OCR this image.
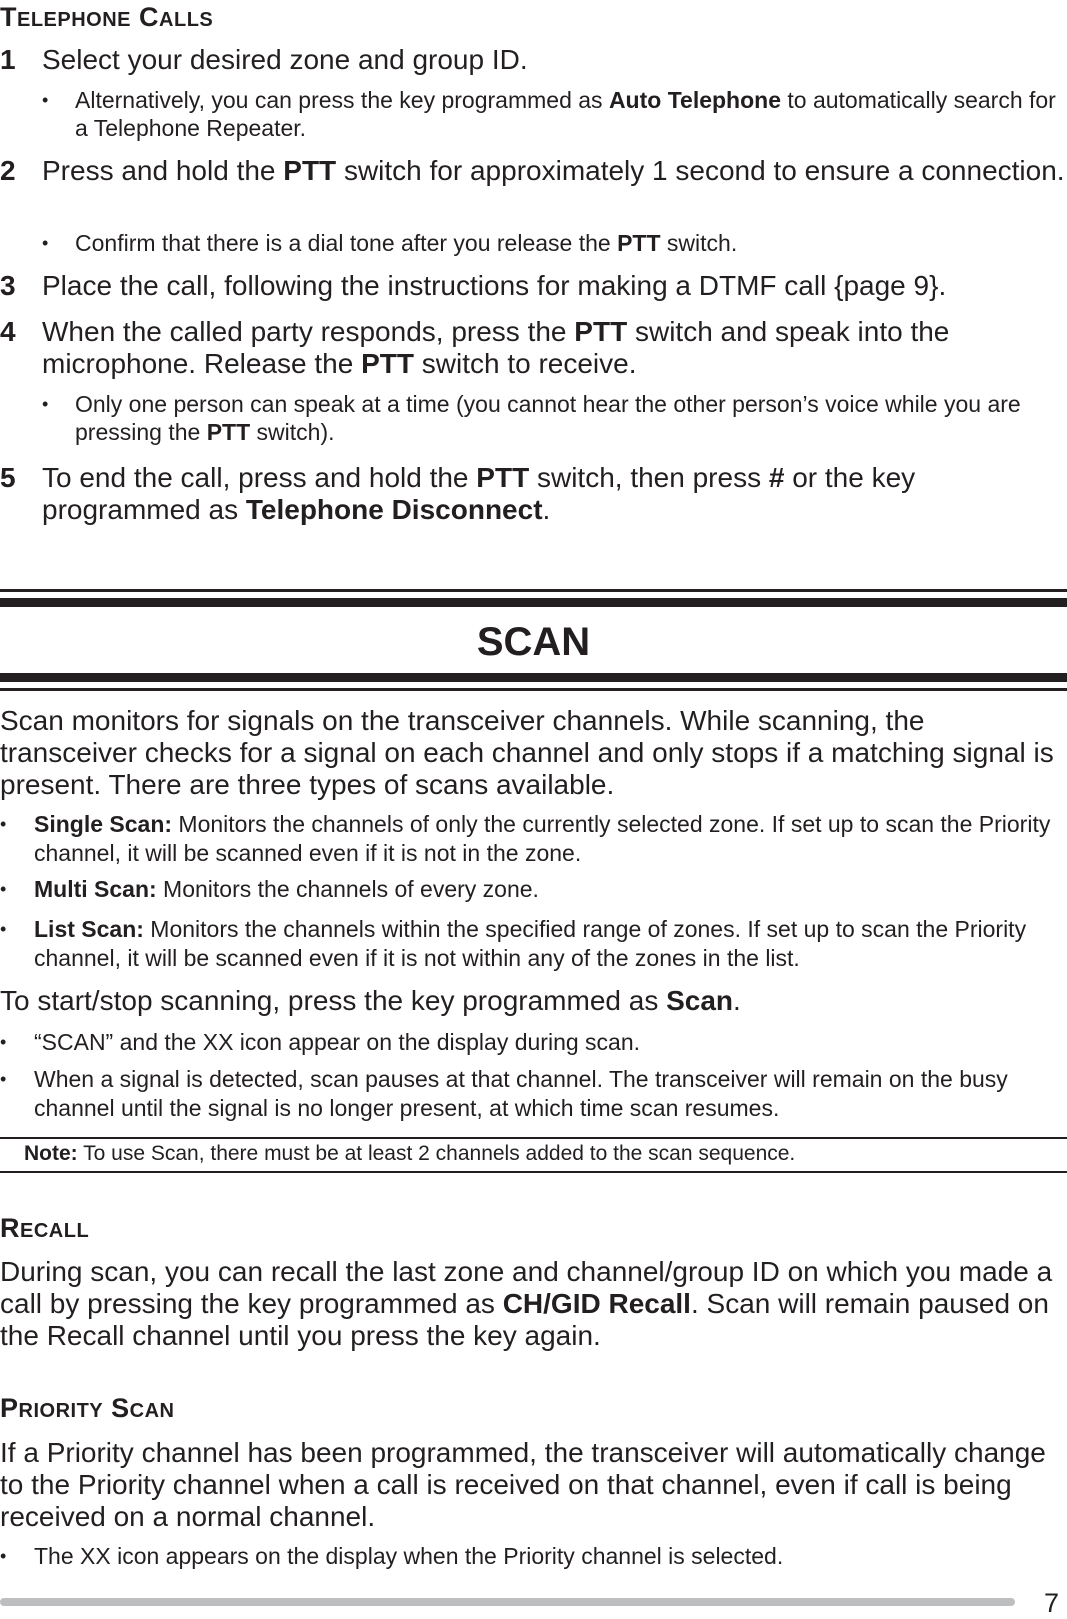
TELEPHONE CALLS

1 Select your desired zone and group ID.
•	Alternatively, you can press the key programmed as Auto Telephone to automatically search for a Telephone Repeater.
2 Press and hold the PTT switch for approximately 1 second to ensure a connection.
•	Confirm that there is a dial tone after you release the PTT switch.
3 Place the call, following the instructions for making a DTMF call {page 9}.
4 When the called party responds, press the PTT switch and speak into the microphone. Release the PTT switch to receive.
•	Only one person can speak at a time (you cannot hear the other person’s voice while you are pressing the PTT switch).
5 To end the call, press and hold the PTT switch, then press # or the key programmed as Telephone Disconnect.
SCAN
Scan monitors for signals on the transceiver channels. While scanning, the transceiver checks for a signal on each channel and only stops if a matching signal is present. There are three types of scans available.
•	Single Scan: Monitors the channels of only the currently selected zone. If set up to scan the Priority channel, it will be scanned even if it is not in the zone.
•	Multi Scan: Monitors the channels of every zone.
•	List Scan: Monitors the channels within the specified range of zones. If set up to scan the Priority channel, it will be scanned even if it is not within any of the zones in the list.
To start/stop scanning, press the key programmed as Scan.
•	“SCAN” and the XX icon appear on the display during scan.
•	When a signal is detected, scan pauses at that channel. The transceiver will remain on the busy channel until the signal is no longer present, at which time scan resumes.
Note: To use Scan, there must be at least 2 channels added to the scan sequence.

RECALL

During scan, you can recall the last zone and channel/group ID on which you made a call by pressing the key programmed as CH/GID Recall. Scan will remain paused on the Recall channel until you press the key again.

PRIORITY SCAN

If a Priority channel has been programmed, the transceiver will automatically change to the Priority channel when a call is received on that channel, even if call is being received on a normal channel.
•	The XX icon appears on the display when the Priority channel is selected.
7
